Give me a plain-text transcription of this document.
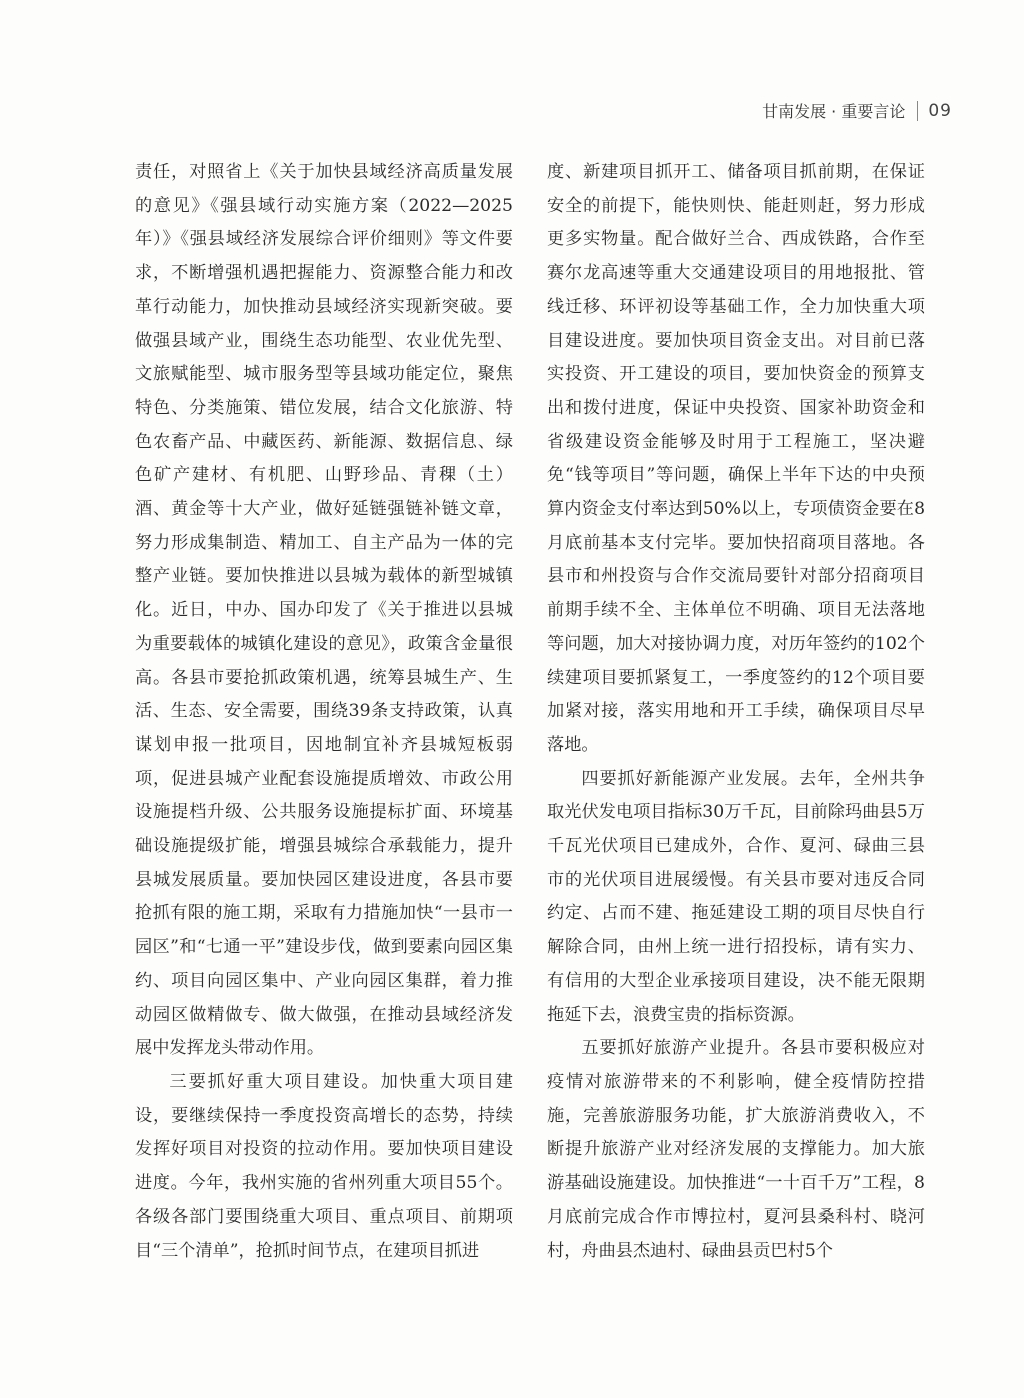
甘南发展 · 重要言论 09

责任，对照省上《关于加快县域经济高质量发展的意见》《强县域行动实施方案（2022—2025年）》《强县域经济发展综合评价细则》等文件要求，不断增强机遇把握能力、资源整合能力和改革行动能力，加快推动县域经济实现新突破。要做强县域产业，围绕生态功能型、农业优先型、文旅赋能型、城市服务型等县域功能定位，聚焦特色、分类施策、错位发展，结合文化旅游、特色农畜产品、中藏医药、新能源、数据信息、绿色矿产建材、有机肥、山野珍品、青稞（土）酒、黄金等十大产业，做好延链强链补链文章，努力形成集制造、精加工、自主产品为一体的完整产业链。要加快推进以县城为载体的新型城镇化。近日，中办、国办印发了《关于推进以县城为重要载体的城镇化建设的意见》，政策含金量很高。各县市要抢抓政策机遇，统筹县城生产、生活、生态、安全需要，围绕39条支持政策，认真谋划申报一批项目，因地制宜补齐县城短板弱项，促进县城产业配套设施提质增效、市政公用设施提档升级、公共服务设施提标扩面、环境基础设施提级扩能，增强县城综合承载能力，提升县城发展质量。要加快园区建设进度，各县市要抢抓有限的施工期，采取有力措施加快“一县市一园区”和“七通一平”建设步伐，做到要素向园区集约、项目向园区集中、产业向园区集群，着力推动园区做精做专、做大做强，在推动县域经济发展中发挥龙头带动作用。

三要抓好重大项目建设。加快重大项目建设，要继续保持一季度投资高增长的态势，持续发挥好项目对投资的拉动作用。要加快项目建设进度。今年，我州实施的省州列重大项目55个。各级各部门要围绕重大项目、重点项目、前期项目“三个清单”，抢抓时间节点，在建项目抓进

度、新建项目抓开工、储备项目抓前期，在保证安全的前提下，能快则快、能赶则赶，努力形成更多实物量。配合做好兰合、西成铁路，合作至赛尔龙高速等重大交通建设项目的用地报批、管线迁移、环评初设等基础工作，全力加快重大项目建设进度。要加快项目资金支出。对目前已落实投资、开工建设的项目，要加快资金的预算支出和拨付进度，保证中央投资、国家补助资金和省级建设资金能够及时用于工程施工，坚决避免“钱等项目”等问题，确保上半年下达的中央预算内资金支付率达到50%以上，专项债资金要在8月底前基本支付完毕。要加快招商项目落地。各县市和州投资与合作交流局要针对部分招商项目前期手续不全、主体单位不明确、项目无法落地等问题，加大对接协调力度，对历年签约的102个续建项目要抓紧复工，一季度签约的12个项目要加紧对接，落实用地和开工手续，确保项目尽早落地。

四要抓好新能源产业发展。去年，全州共争取光伏发电项目指标30万千瓦，目前除玛曲县5万千瓦光伏项目已建成外，合作、夏河、碌曲三县市的光伏项目进展缓慢。有关县市要对违反合同约定、占而不建、拖延建设工期的项目尽快自行解除合同，由州上统一进行招投标，请有实力、有信用的大型企业承接项目建设，决不能无限期拖延下去，浪费宝贵的指标资源。

五要抓好旅游产业提升。各县市要积极应对疫情对旅游带来的不利影响，健全疫情防控措施，完善旅游服务功能，扩大旅游消费收入，不断提升旅游产业对经济发展的支撑能力。加大旅游基础设施建设。加快推进“一十百千万”工程，8月底前完成合作市博拉村，夏河县桑科村、晓河村，舟曲县杰迪村、碌曲县贡巴村5个
